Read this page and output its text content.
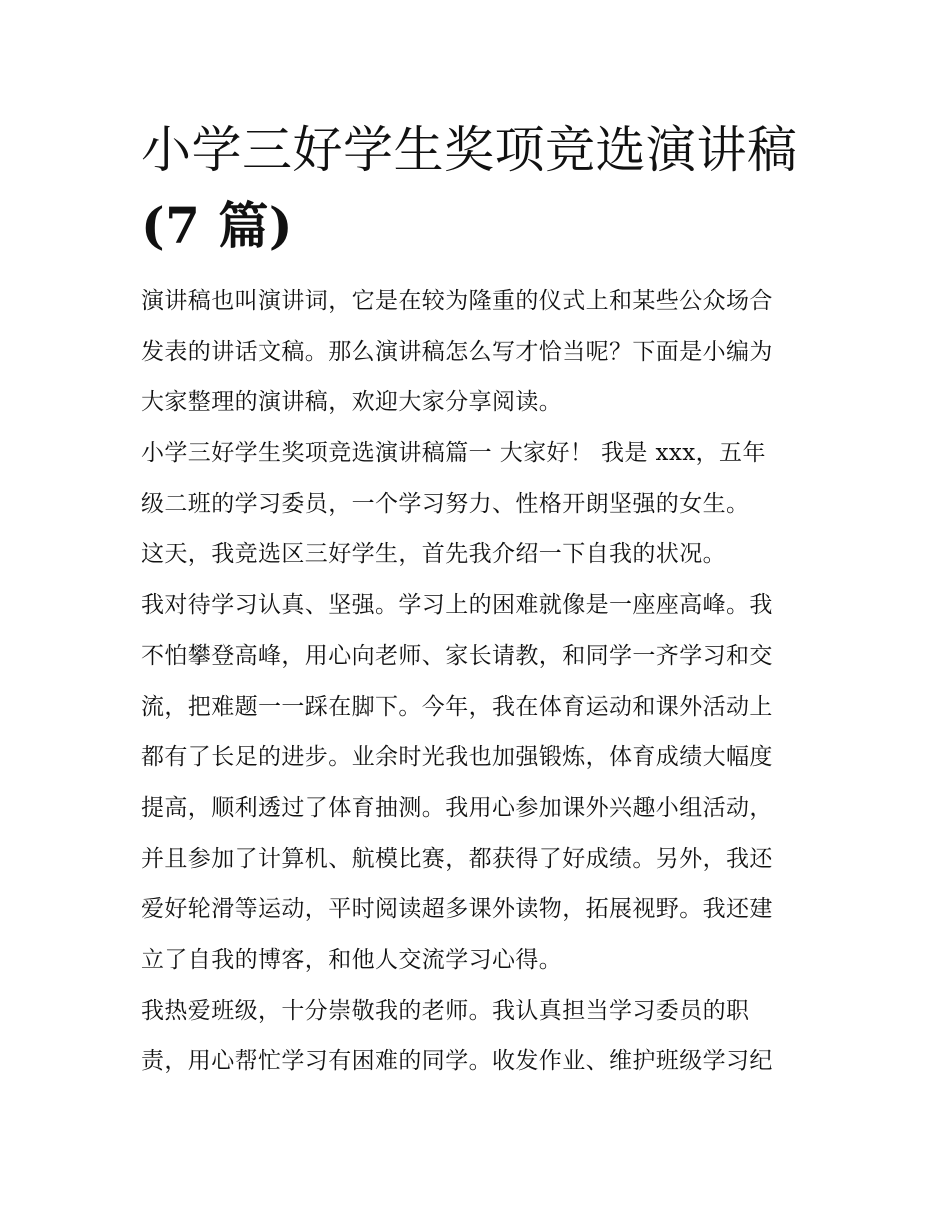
小学三好学生奖项竞选演讲稿
(7 篇)
演讲稿也叫演讲词，它是在较为隆重的仪式上和某些公众场合
发表的讲话文稿。那么演讲稿怎么写才恰当呢？下面是小编为
大家整理的演讲稿，欢迎大家分享阅读。
小学三好学生奖项竞选演讲稿篇一 大家好！ 我是 xxx，五年
级二班的学习委员，一个学习努力、性格开朗坚强的女生。
这天，我竞选区三好学生，首先我介绍一下自我的状况。
我对待学习认真、坚强。学习上的困难就像是一座座高峰。我
不怕攀登高峰，用心向老师、家长请教，和同学一齐学习和交
流，把难题一一踩在脚下。今年，我在体育运动和课外活动上
都有了长足的进步。业余时光我也加强锻炼，体育成绩大幅度
提高，顺利透过了体育抽测。我用心参加课外兴趣小组活动，
并且参加了计算机、航模比赛，都获得了好成绩。另外，我还
爱好轮滑等运动，平时阅读超多课外读物，拓展视野。我还建
立了自我的博客，和他人交流学习心得。
我热爱班级，十分崇敬我的老师。我认真担当学习委员的职
责，用心帮忙学习有困难的同学。收发作业、维护班级学习纪
